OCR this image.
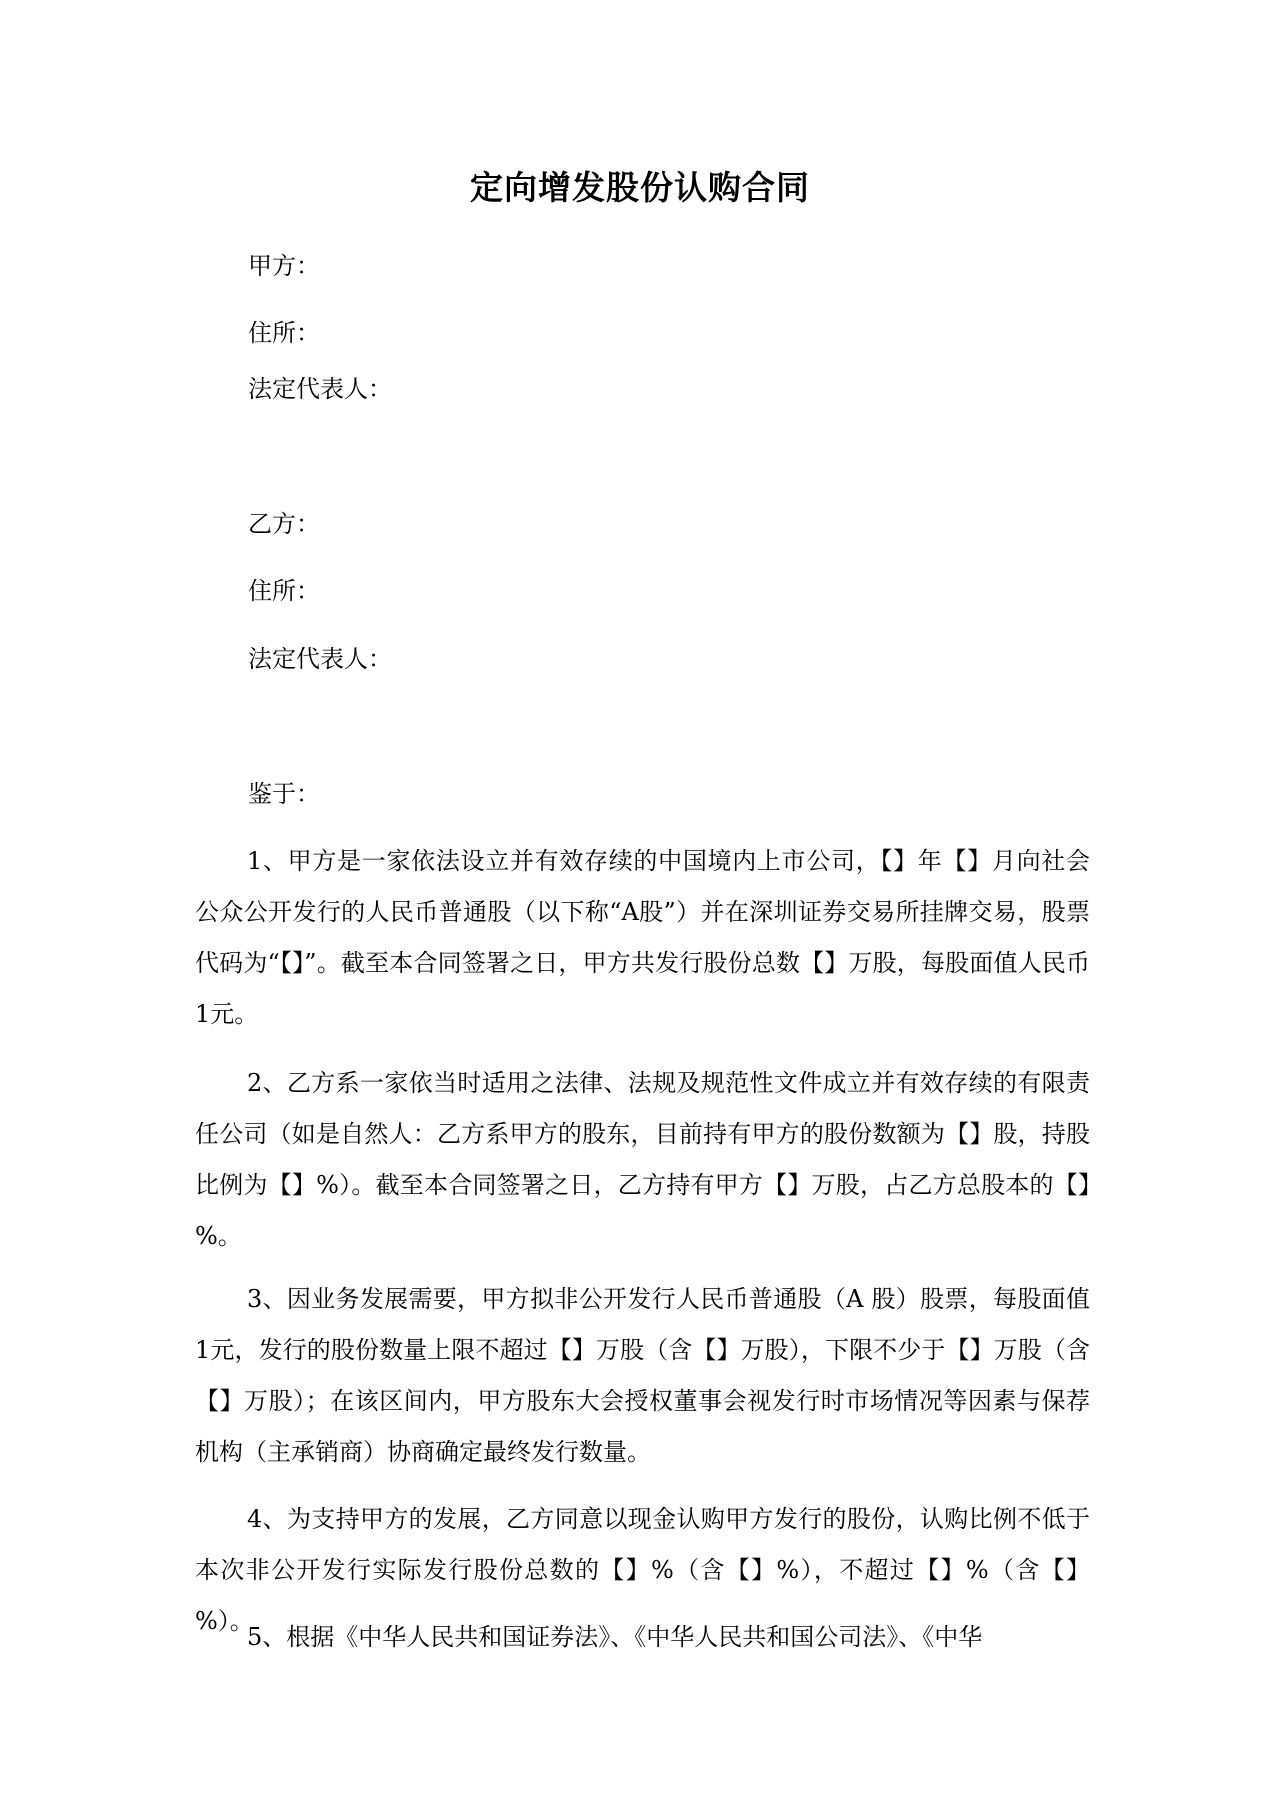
定向增发股份认购合同
甲方：
住所：
法定代表人：
乙方：
住所：
法定代表人：
鉴于：

1、甲方是一家依法设立并有效存续的中国境内上市公司，【】年【】月向社会公众公开发行的人民币普通股（以下称“A股”）并在深圳证券交易所挂牌交易，股票代码为“【】”。截至本合同签署之日，甲方共发行股份总数【】万股，每股面值人民币1元。

2、乙方系一家依当时适用之法律、法规及规范性文件成立并有效存续的有限责任公司（如是自然人：乙方系甲方的股东，目前持有甲方的股份数额为【】股，持股比例为【】%）。截至本合同签署之日，乙方持有甲方【】万股，占乙方总股本的【】%。

3、因业务发展需要，甲方拟非公开发行人民币普通股（A 股）股票，每股面值1元，发行的股份数量上限不超过【】万股（含【】万股），下限不少于【】万股（含【】万股）；在该区间内，甲方股东大会授权董事会视发行时市场情况等因素与保荐机构（主承销商）协商确定最终发行数量。

4、为支持甲方的发展，乙方同意以现金认购甲方发行的股份，认购比例不低于本次非公开发行实际发行股份总数的【】%（含【】%），不超过【】%（含【】%）。

5、根据《中华人民共和国证券法》、《中华人民共和国公司法》、《中华
